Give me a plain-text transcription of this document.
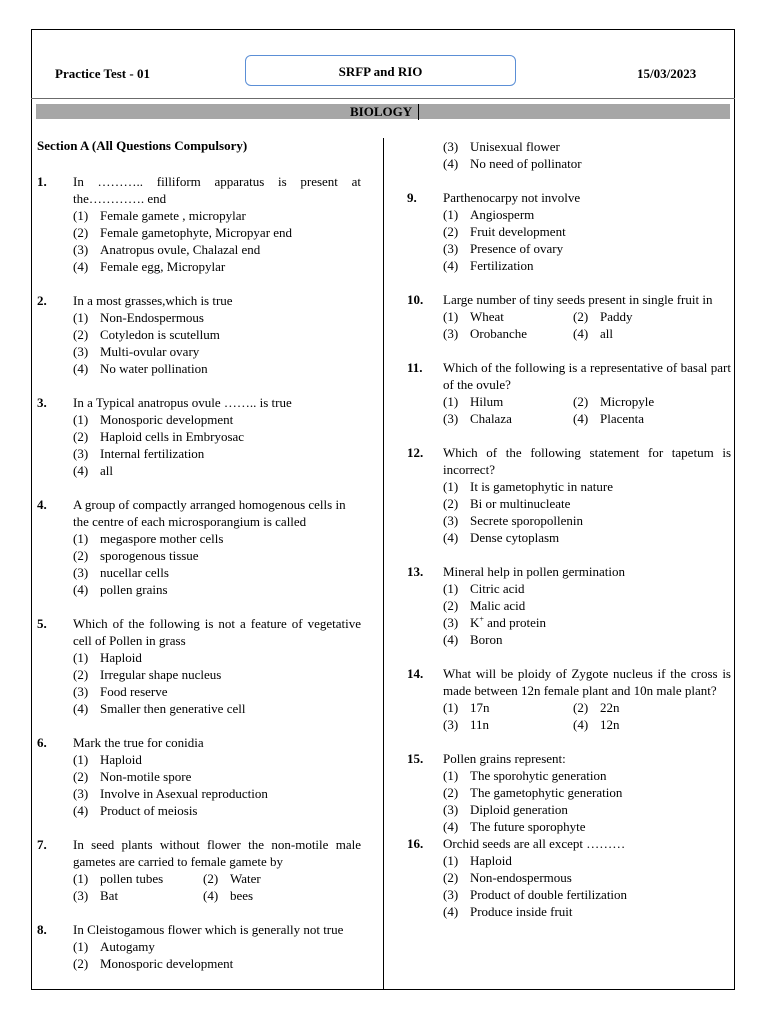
Practice Test - 01	SRFP and RIO	15/03/2023
BIOLOGY
Section A (All Questions Compulsory)
1.	In ……….. filliform apparatus is present at the…………. end
(1) Female gamete , micropylar
(2) Female gametophyte, Micropyar end
(3) Anatropus ovule, Chalazal end
(4) Female egg, Micropylar
2.	In a most grasses,which is true
(1) Non-Endospermous
(2) Cotyledon is scutellum
(3) Multi-ovular ovary
(4) No water pollination
3.	In a Typical anatropus ovule …….. is true
(1) Monosporic development
(2) Haploid cells in Embryosac
(3) Internal fertilization
(4) all
4.	A group of compactly arranged homogenous cells in the centre of each microsporangium is called
(1) megaspore mother cells
(2) sporogenous tissue
(3) nucellar cells
(4) pollen grains
5.	Which of the following is not a feature of vegetative cell of Pollen in grass
(1) Haploid
(2) Irregular shape nucleus
(3) Food reserve
(4) Smaller then generative cell
6.	Mark the true for conidia
(1) Haploid
(2) Non-motile spore
(3) Involve in Asexual reproduction
(4) Product of meiosis
7.	In seed plants without flower the non-motile male gametes are carried to female gamete by
(1) pollen tubes	(2) Water
(3) Bat	(4) bees
8.	In Cleistogamous flower which is generally not true
(1) Autogamy
(2) Monosporic development
(3) Unisexual flower
(4) No need of pollinator
9.	Parthenocarpy not involve
(1) Angiosperm
(2) Fruit development
(3) Presence of ovary
(4) Fertilization
10.	Large number of tiny seeds present in single fruit in
(1) Wheat	(2) Paddy
(3) Orobanche	(4) all
11.	Which of the following is a representative of basal part of the ovule?
(1) Hilum	(2) Micropyle
(3) Chalaza	(4) Placenta
12.	Which of the following statement for tapetum is incorrect?
(1) It is gametophytic in nature
(2) Bi or multinucleate
(3) Secrete sporopollenin
(4) Dense cytoplasm
13.	Mineral help in pollen germination
(1) Citric acid
(2) Malic acid
(3) K+ and protein
(4) Boron
14.	What will be ploidy of Zygote nucleus if the cross is made between 12n female plant and 10n male plant?
(1) 17n	(2) 22n
(3) 11n	(4) 12n
15.	Pollen grains represent:
(1) The sporohytic generation
(2) The gametophytic generation
(3) Diploid generation
(4) The future sporophyte
16.	Orchid seeds are all except ………
(1) Haploid
(2) Non-endospermous
(3) Product of double fertilization
(4) Produce inside fruit
